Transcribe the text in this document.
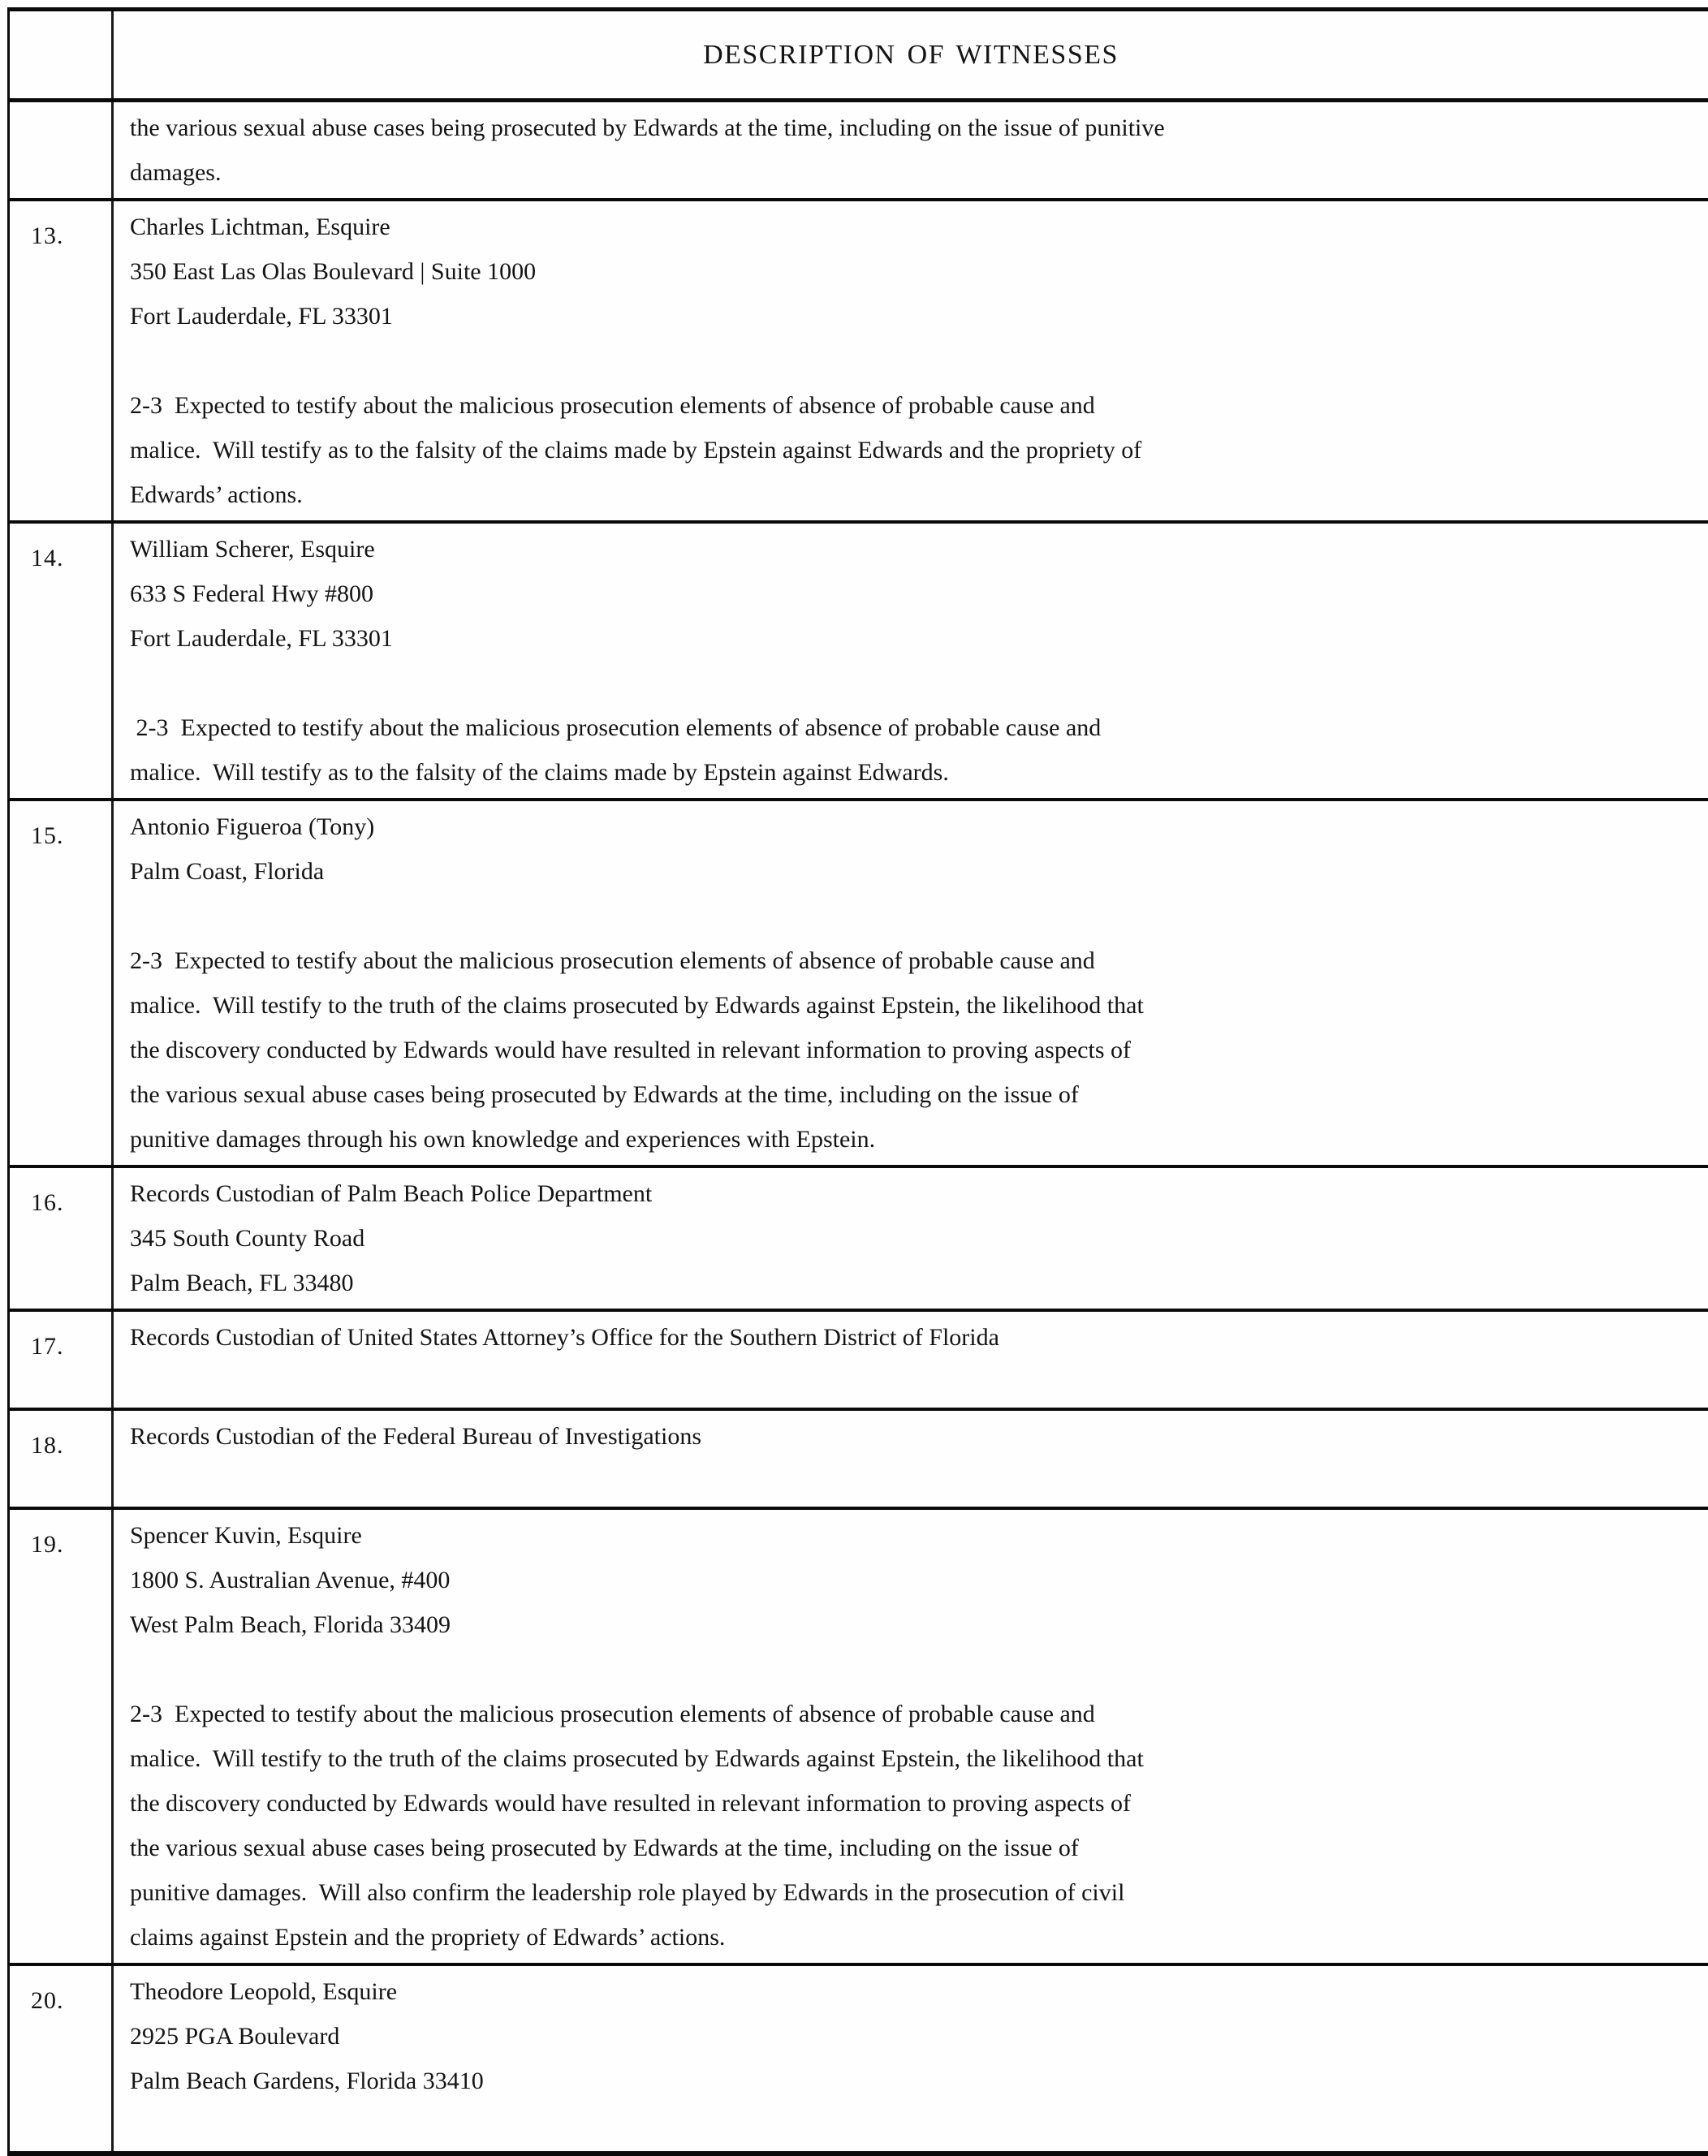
DESCRIPTION OF WITNESSES
the various sexual abuse cases being prosecuted by Edwards at the time, including on the issue of punitive
damages.
13.	Charles Lichtman, Esquire
350 East Las Olas Boulevard | Suite 1000
Fort Lauderdale, FL 33301

2-3  Expected to testify about the malicious prosecution elements of absence of probable cause and
malice.  Will testify as to the falsity of the claims made by Epstein against Edwards and the propriety of
Edwards’ actions.
14.	William Scherer, Esquire
633 S Federal Hwy #800
Fort Lauderdale, FL 33301

2-3  Expected to testify about the malicious prosecution elements of absence of probable cause and
malice.  Will testify as to the falsity of the claims made by Epstein against Edwards.
15.	Antonio Figueroa (Tony)
Palm Coast, Florida

2-3  Expected to testify about the malicious prosecution elements of absence of probable cause and
malice.  Will testify to the truth of the claims prosecuted by Edwards against Epstein, the likelihood that
the discovery conducted by Edwards would have resulted in relevant information to proving aspects of
the various sexual abuse cases being prosecuted by Edwards at the time, including on the issue of
punitive damages through his own knowledge and experiences with Epstein.
16.	Records Custodian of Palm Beach Police Department
345 South County Road
Palm Beach, FL 33480
17.	Records Custodian of United States Attorney’s Office for the Southern District of Florida

18.	Records Custodian of the Federal Bureau of Investigations

19.	Spencer Kuvin, Esquire
1800 S. Australian Avenue, #400
West Palm Beach, Florida 33409

2-3  Expected to testify about the malicious prosecution elements of absence of probable cause and
malice.  Will testify to the truth of the claims prosecuted by Edwards against Epstein, the likelihood that
the discovery conducted by Edwards would have resulted in relevant information to proving aspects of
the various sexual abuse cases being prosecuted by Edwards at the time, including on the issue of
punitive damages.  Will also confirm the leadership role played by Edwards in the prosecution of civil
claims against Epstein and the propriety of Edwards’ actions.
20.	Theodore Leopold, Esquire
2925 PGA Boulevard
Palm Beach Gardens, Florida 33410
